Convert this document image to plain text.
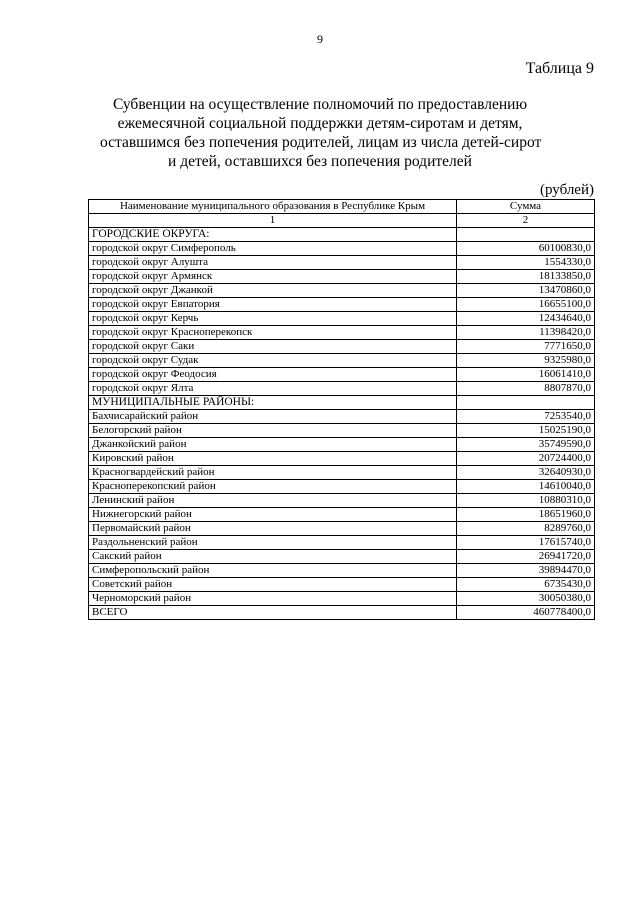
9
Таблица 9
Субвенции на осуществление полномочий по предоставлению
ежемесячной социальной поддержки детям-сиротам и детям,
оставшимся без попечения родителей, лицам из числа детей-сирот
и детей, оставшихся без попечения родителей
(рублей)
Наименование муниципального образования в Республике Крым	Сумма
1	2
ГОРОДСКИЕ ОКРУГА:	
городской округ Симферополь	60100830,0
городской округ Алушта	1554330,0
городской округ Армянск	18133850,0
городской округ Джанкой	13470860,0
городской округ Евпатория	16655100,0
городской округ Керчь	12434640,0
городской округ Красноперекопск	11398420,0
городской округ Саки	7771650,0
городской округ Судак	9325980,0
городской округ Феодосия	16061410,0
городской округ Ялта	8807870,0
МУНИЦИПАЛЬНЫЕ РАЙОНЫ:	
Бахчисарайский район	7253540,0
Белогорский район	15025190,0
Джанкойский район	35749590,0
Кировский район	20724400,0
Красногвардейский район	32640930,0
Красноперекопский район	14610040,0
Ленинский район	10880310,0
Нижнегорский район	18651960,0
Первомайский район	8289760,0
Раздольненский район	17615740,0
Сакский район	26941720,0
Симферопольский район	39894470,0
Советский район	6735430,0
Черноморский район	30050380,0
ВСЕГО	460778400,0
